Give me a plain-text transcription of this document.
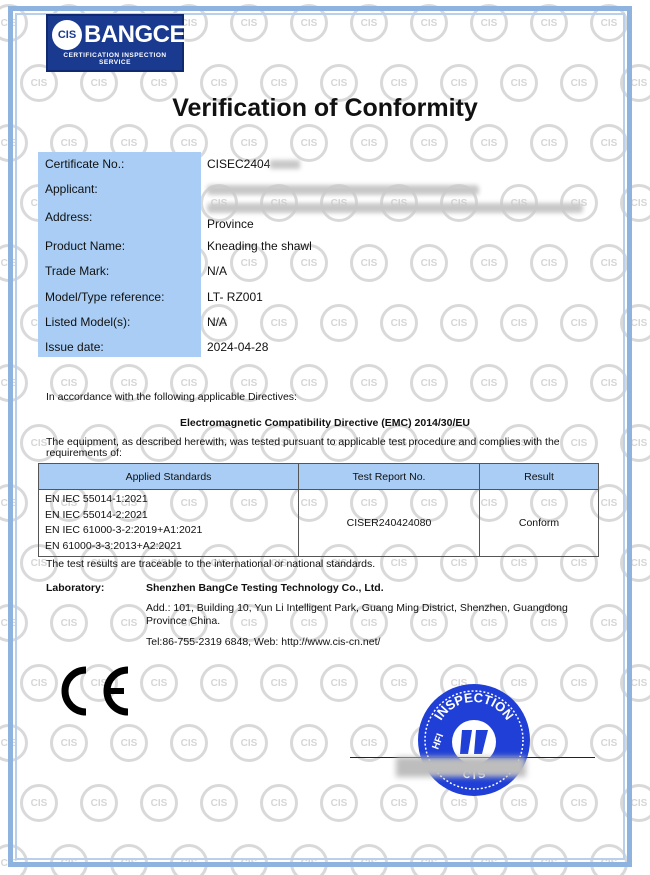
CIS
CIS
CIS
CIS
CIS
CIS
CIS
CIS
CIS
CIS
CIS
CIS
CIS
CIS
CIS
CIS
CIS
CIS
CIS
CIS
CIS
CIS
CIS
CIS
CIS
CIS
CIS
CIS
CIS
CIS
CIS
CIS
CIS
CIS
CIS
CIS
CIS
CIS
CIS
CIS
CIS
CIS
CIS
CIS
CIS
CIS
CIS
CIS
CIS
CIS
CIS
CIS
CIS
CIS
CIS
CIS
CIS
CIS
CIS
CIS
CIS
CIS
CIS
CIS
CIS
CIS
CIS
CIS
CIS
CIS
CIS
CIS
CIS
CIS
CIS
CIS
CIS
CIS
CIS
CIS
CIS
CIS
CIS
CIS
CIS
CIS
CIS
CIS
CIS
CIS
CIS
CIS
CIS
CIS
CIS
CIS
CIS
CIS
CIS
CIS
CIS
CIS
CIS
CIS
CIS
CIS
CIS
CIS
CIS
CIS
CIS
CIS
CIS
CIS
CIS
CIS
CIS
CIS
CIS
CIS
CIS
CIS
CIS
CIS
CIS
CIS
CIS
CIS
CIS
CIS
CIS
CIS
CIS
CIS
CIS
CIS
CIS
CIS
CIS
CIS
CIS
CIS
CIS
CIS
CIS
CIS
CIS
CIS
CIS
CIS
CIS
CIS
CIS
CIS
CIS
CIS
CIS
CIS
CIS
CIS
CIS
CIS
CIS
CIS
CIS
CIS BANGCE
CERTIFICATION INSPECTION SERVICE
Verification of Conformity
Certificate No.:	CISEC2404
Applicant:
Address:	Province
Product Name:	Kneading the shawl
Trade Mark:	N/A
Model/Type reference:	LT- RZ001
Listed Model(s):	N/A
Issue date:	2024-04-28
In accordance with the following applicable Directives:
Electromagnetic Compatibility Directive (EMC) 2014/30/EU
The equipment, as described herewith, was tested pursuant to applicable test procedure and complies with the requirements of:
Applied Standards	Test Report No.	Result

EN IEC 55014-1:2021
EN IEC 55014-2:2021
EN IEC 61000-3-2:2019+A1:2021
EN 61000-3-3:2013+A2:2021	CISER240424080	Conform
The test results are traceable to the international or national standards.
Laboratory:	Shenzhen BangCe Testing Technology Co., Ltd.
Add.: 101, Building 10, Yun Li Intelligent Park, Guang Ming District, Shenzhen, Guangdong Province China.
Tel:86-755-2319 6848, Web: http://www.cis-cn.net/
INSPECTION
HFI
